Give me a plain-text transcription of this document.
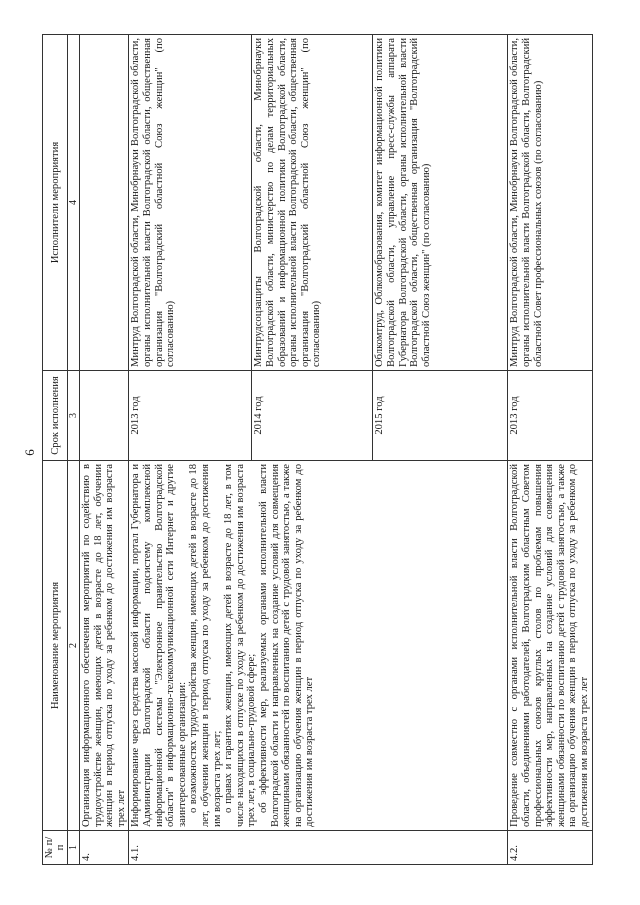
6
№ п/п	Наименование мероприятия	Срок исполнения	Исполнители мероприятия
1	2	3	4
4.	Организация информационного обеспечения мероприятий по содействию в трудоустройстве женщин, имеющих детей в возрасте до 18 лет, обучении женщин в период отпуска по уходу за ребенком до достижения им возраста трех лет		

4.1.	Информирование через средства массовой информации, портал Губернатора и Администрации Волгоградской области подсистему комплексной информационной системы "Электронное правительство Волгоградской области" в информационно-телекоммуникационной сети Интернет и другие заинтересованные организации: о возможностях трудоустройства женщин, имеющих детей в возрасте до 18 лет, обучении женщин в период отпуска по уходу за ребенком до достижения им возраста трех лет; о правах и гарантиях женщин, имеющих детей в возрасте до 18 лет, в том числе находящихся в отпуске по уходу за ребенком до достижения им возраста трех лет, в социально-трудовой сфере; об эффективности мер, реализуемых органами исполнительной власти Волгоградской области и направленных на создание условий для совмещения женщинами обязанностей по воспитанию детей с трудовой занятостью, а также на организацию обучения женщин в период отпуска по уходу за ребенком до достижения им возраста трех лет	2013 год	Минтруд Волгоградской области, Минобрнауки Волгоградской области, органы исполнительной власти Волгоградской области, общественная организация "Волгоградский областной Союз женщин" (по согласованию)
		2014 год	Минтрудсоцзащиты Волгоградской области, Минобрнауки Волгоградской области, министерство по делам территориальных образований и информационной политики Волгоградской области, органы исполнительной власти Волгоградской области, общественная организация "Волгоградский областной Союз женщин" (по согласованию)
		2015 год	Облкомтруд, Облкомобразования, комитет информационной политики Волгоградской области, управление пресс-службы аппарата Губернатора Волгоградской области, органы исполнительной власти Волгоградской области, общественная организация "Волгоградский областной Союз женщин" (по согласованию)
4.2.	Проведение совместно с органами исполнительной власти Волгоградской области, объединениями работодателей, Волгоградским областным Советом профессиональных союзов круглых столов по проблемам повышения эффективности мер, направленных на создание условий для совмещения женщинами обязанности по воспитанию детей с трудовой занятостью, а также на организацию обучения женщин в период отпуска по уходу за ребенком до достижения им возраста трех лет	2013 год	Минтруд Волгоградской области, Минобрнауки Волгоградской области, органы исполнительной власти Волгоградской области, Волгоградский областной Совет профессиональных союзов (по согласованию)
